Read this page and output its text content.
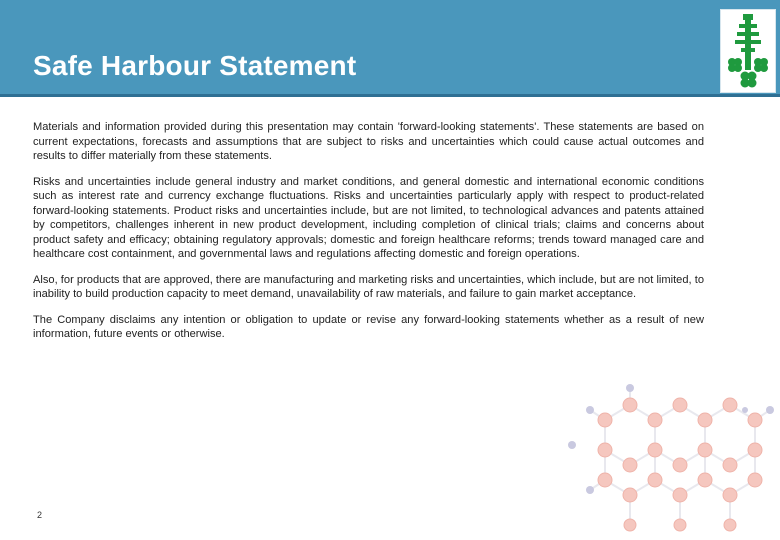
Safe Harbour Statement

Materials and information provided during this presentation may contain 'forward-looking statements'. These statements are based on current expectations, forecasts and assumptions that are subject to risks and uncertainties which could cause actual outcomes and results to differ materially from these statements.

Risks and uncertainties include general industry and market conditions, and general domestic and international economic conditions such as interest rate and currency exchange fluctuations. Risks and uncertainties particularly apply with respect to product-related forward-looking statements. Product risks and uncertainties include, but are not limited, to technological advances and patents attained by competitors, challenges inherent in new product development, including completion of clinical trials; claims and concerns about product safety and efficacy; obtaining regulatory approvals; domestic and foreign healthcare reforms; trends toward managed care and healthcare cost containment, and governmental laws and regulations affecting domestic and foreign operations.

Also, for products that are approved, there are manufacturing and marketing risks and uncertainties, which include, but are not limited, to inability to build production capacity to meet demand, unavailability of raw materials, and failure to gain market acceptance.

The Company disclaims any intention or obligation to update or revise any forward-looking statements whether as a result of new information, future events or otherwise.

2
